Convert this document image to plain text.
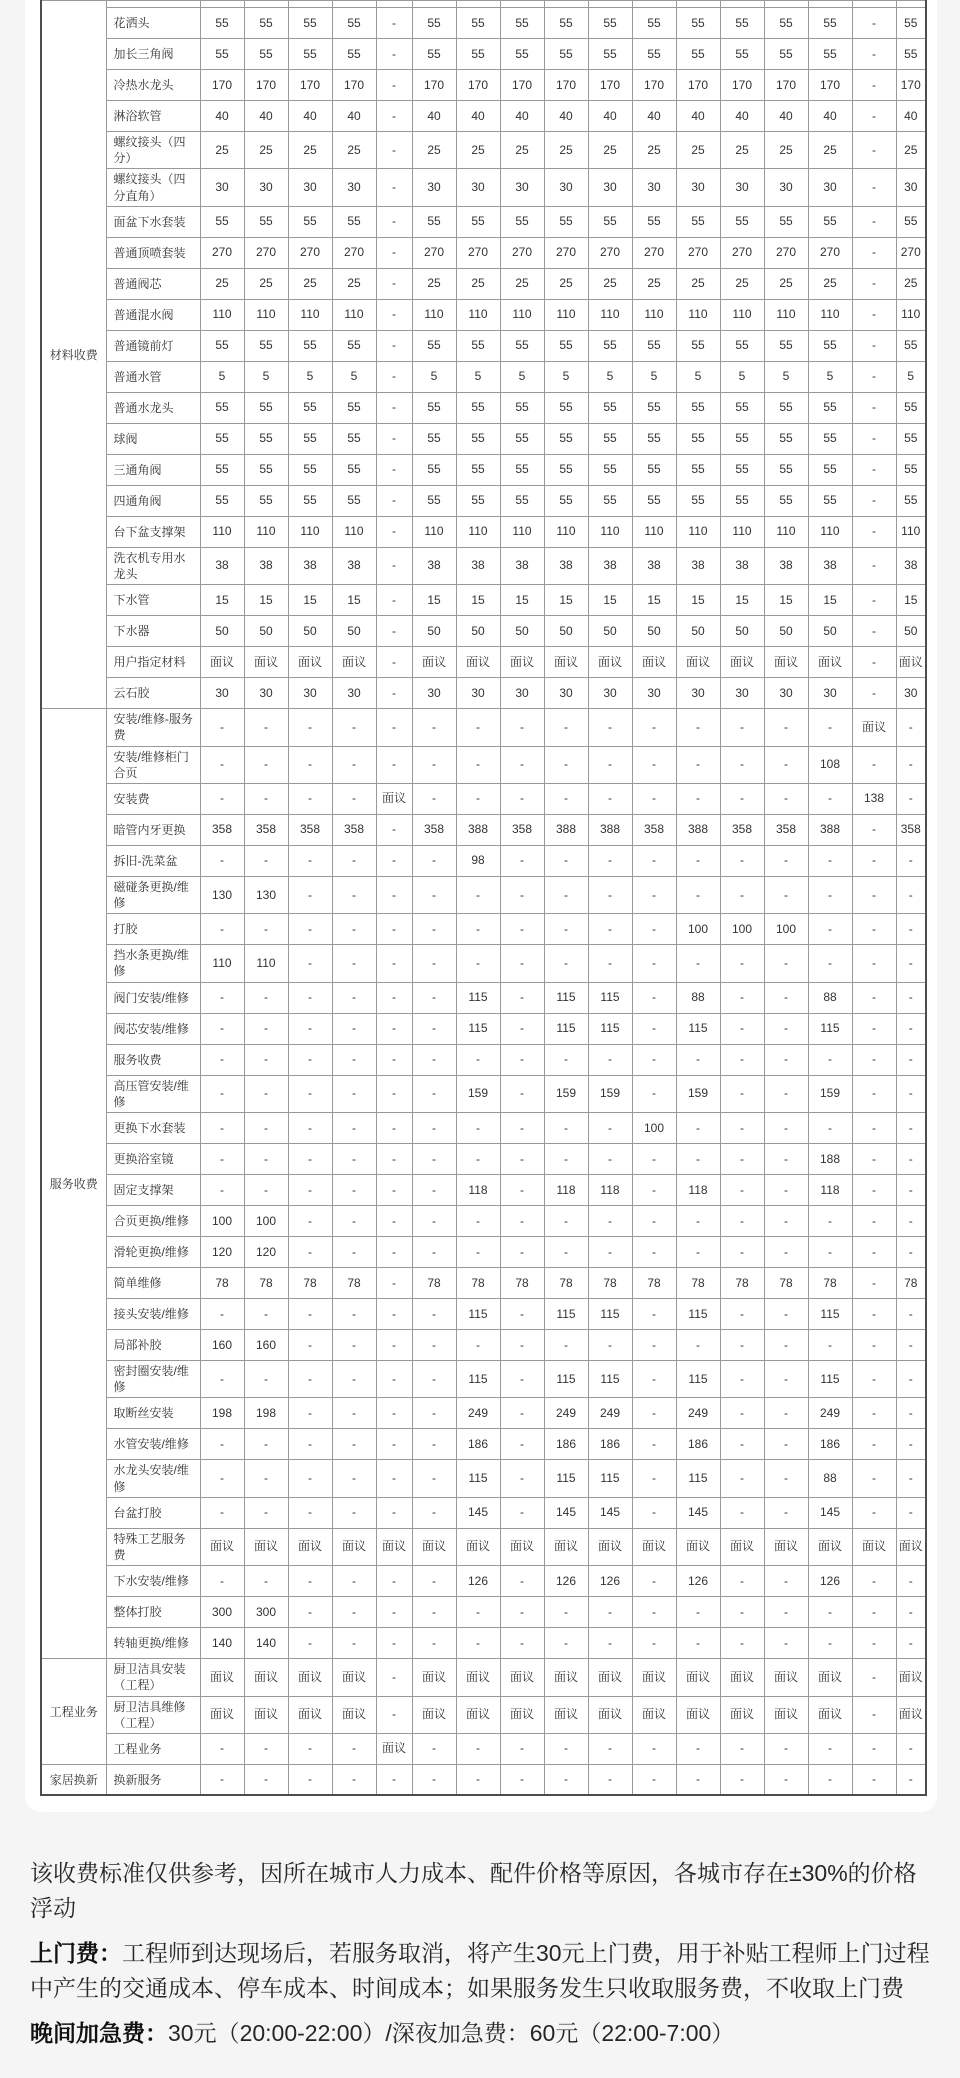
材料收费																		
	花洒头	55	55	55	55	-	55	55	55	55	55	55	55	55	55	55	-	55
	加长三角阀	55	55	55	55	-	55	55	55	55	55	55	55	55	55	55	-	55
	冷热水龙头	170	170	170	170	-	170	170	170	170	170	170	170	170	170	170	-	170
	淋浴软管	40	40	40	40	-	40	40	40	40	40	40	40	40	40	40	-	40
	螺纹接头（四分）	25	25	25	25	-	25	25	25	25	25	25	25	25	25	25	-	25
	螺纹接头（四分直角）	30	30	30	30	-	30	30	30	30	30	30	30	30	30	30	-	30
	面盆下水套装	55	55	55	55	-	55	55	55	55	55	55	55	55	55	55	-	55
	普通顶喷套装	270	270	270	270	-	270	270	270	270	270	270	270	270	270	270	-	270
	普通阀芯	25	25	25	25	-	25	25	25	25	25	25	25	25	25	25	-	25
	普通混水阀	110	110	110	110	-	110	110	110	110	110	110	110	110	110	110	-	110
	普通镜前灯	55	55	55	55	-	55	55	55	55	55	55	55	55	55	55	-	55
	普通水管	5	5	5	5	-	5	5	5	5	5	5	5	5	5	5	-	5
	普通水龙头	55	55	55	55	-	55	55	55	55	55	55	55	55	55	55	-	55
	球阀	55	55	55	55	-	55	55	55	55	55	55	55	55	55	55	-	55
	三通角阀	55	55	55	55	-	55	55	55	55	55	55	55	55	55	55	-	55
	四通角阀	55	55	55	55	-	55	55	55	55	55	55	55	55	55	55	-	55
	台下盆支撑架	110	110	110	110	-	110	110	110	110	110	110	110	110	110	110	-	110
	洗衣机专用水龙头	38	38	38	38	-	38	38	38	38	38	38	38	38	38	38	-	38
	下水管	15	15	15	15	-	15	15	15	15	15	15	15	15	15	15	-	15
	下水器	50	50	50	50	-	50	50	50	50	50	50	50	50	50	50	-	50
	用户指定材料	面议	面议	面议	面议	-	面议	面议	面议	面议	面议	面议	面议	面议	面议	面议	-	面议
	云石胶	30	30	30	30	-	30	30	30	30	30	30	30	30	30	30	-	30
服务收费	安装/维修-服务费	-	-	-	-	-	-	-	-	-	-	-	-	-	-	-	面议	-
	安装/维修柜门合页	-	-	-	-	-	-	-	-	-	-	-	-	-	-	108	-	-
	安装费	-	-	-	-	面议	-	-	-	-	-	-	-	-	-	-	138	-
	暗管内牙更换	358	358	358	358	-	358	388	358	388	388	358	388	358	358	388	-	358
	拆旧-洗菜盆	-	-	-	-	-	-	98	-	-	-	-	-	-	-	-	-	-
	磁碰条更换/维修	130	130	-	-	-	-	-	-	-	-	-	-	-	-	-	-	-
	打胶	-	-	-	-	-	-	-	-	-	-	-	100	100	100	-	-	-
	挡水条更换/维修	110	110	-	-	-	-	-	-	-	-	-	-	-	-	-	-	-
	阀门安装/维修	-	-	-	-	-	-	115	-	115	115	-	88	-	-	88	-	-
	阀芯安装/维修	-	-	-	-	-	-	115	-	115	115	-	115	-	-	115	-	-
	服务收费	-	-	-	-	-	-	-	-	-	-	-	-	-	-	-	-	-
	高压管安装/维修	-	-	-	-	-	-	159	-	159	159	-	159	-	-	159	-	-
	更换下水套装	-	-	-	-	-	-	-	-	-	-	100	-	-	-	-	-	-
	更换浴室镜	-	-	-	-	-	-	-	-	-	-	-	-	-	-	188	-	-
	固定支撑架	-	-	-	-	-	-	118	-	118	118	-	118	-	-	118	-	-
	合页更换/维修	100	100	-	-	-	-	-	-	-	-	-	-	-	-	-	-	-
	滑轮更换/维修	120	120	-	-	-	-	-	-	-	-	-	-	-	-	-	-	-
	简单维修	78	78	78	78	-	78	78	78	78	78	78	78	78	78	78	-	78
	接头安装/维修	-	-	-	-	-	-	115	-	115	115	-	115	-	-	115	-	-
	局部补胶	160	160	-	-	-	-	-	-	-	-	-	-	-	-	-	-	-
	密封圈安装/维修	-	-	-	-	-	-	115	-	115	115	-	115	-	-	115	-	-
	取断丝安装	198	198	-	-	-	-	249	-	249	249	-	249	-	-	249	-	-
	水管安装/维修	-	-	-	-	-	-	186	-	186	186	-	186	-	-	186	-	-
	水龙头安装/维修	-	-	-	-	-	-	115	-	115	115	-	115	-	-	88	-	-
	台盆打胶	-	-	-	-	-	-	145	-	145	145	-	145	-	-	145	-	-
	特殊工艺服务费	面议	面议	面议	面议	面议	面议	面议	面议	面议	面议	面议	面议	面议	面议	面议	面议	面议
	下水安装/维修	-	-	-	-	-	-	126	-	126	126	-	126	-	-	126	-	-
	整体打胶	300	300	-	-	-	-	-	-	-	-	-	-	-	-	-	-	-
	转轴更换/维修	140	140	-	-	-	-	-	-	-	-	-	-	-	-	-	-	-
工程业务	厨卫洁具安装（工程）	面议	面议	面议	面议	-	面议	面议	面议	面议	面议	面议	面议	面议	面议	面议	-	面议
	厨卫洁具维修（工程）	面议	面议	面议	面议	-	面议	面议	面议	面议	面议	面议	面议	面议	面议	面议	-	面议
	工程业务	-	-	-	-	面议	-	-	-	-	-	-	-	-	-	-	-	-
家居换新	换新服务	-	-	-	-	-	-	-	-	-	-	-	-	-	-	-	-	-

该收费标准仅供参考，因所在城市人力成本、配件价格等原因，各城市存在±30%的价格浮动

上门费：工程师到达现场后，若服务取消，将产生30元上门费，用于补贴工程师上门过程中产生的交通成本、停车成本、时间成本；如果服务发生只收取服务费，不收取上门费

晚间加急费：30元（20:00-22:00）/深夜加急费：60元（22:00-7:00）
